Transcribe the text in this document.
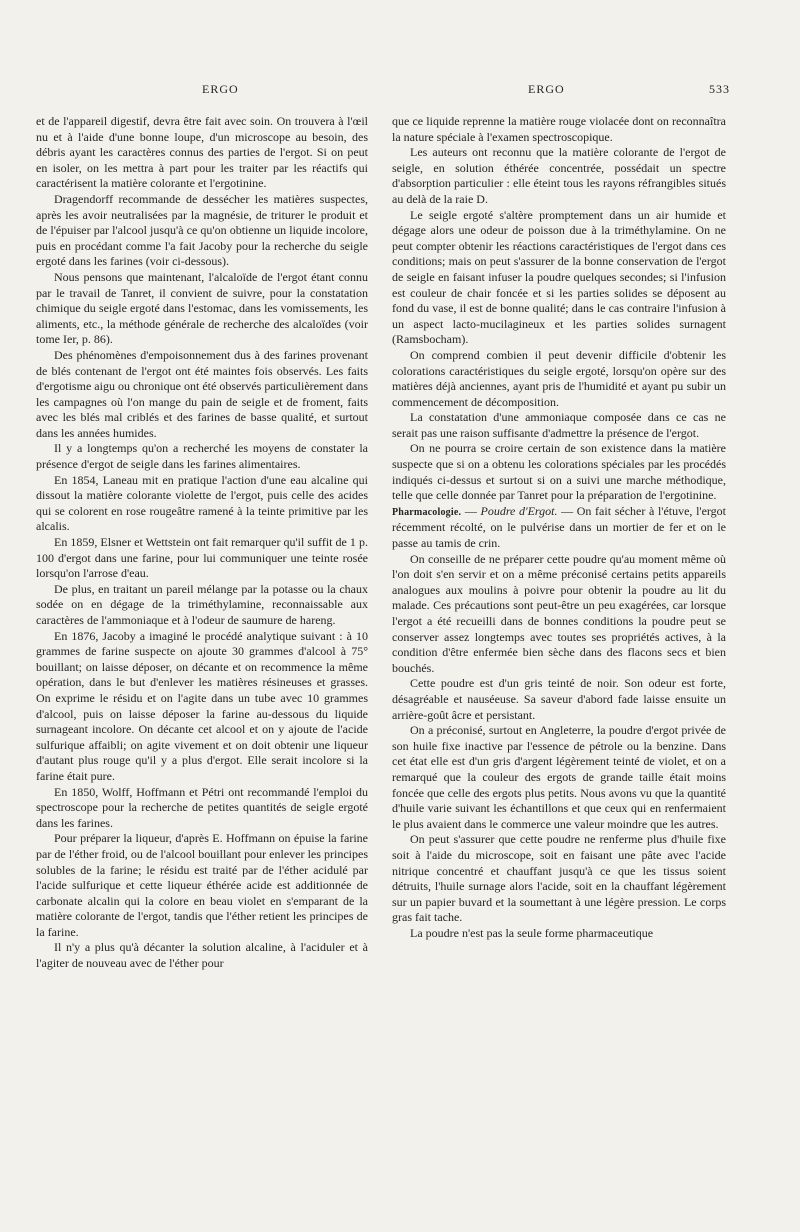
ERGO	ERGO	533

et de l'appareil digestif, devra être fait avec soin. On trouvera à l'œil nu et à l'aide d'une bonne loupe, d'un microscope au besoin, des débris ayant les caractères connus des parties de l'ergot. Si on peut en isoler, on les mettra à part pour les traiter par les réactifs qui caractérisent la matière colorante et l'ergotinine.

Dragendorff recommande de dessécher les matières suspectes, après les avoir neutralisées par la magnésie, de triturer le produit et de l'épuiser par l'alcool jusqu'à ce qu'on obtienne un liquide incolore, puis en procédant comme l'a fait Jacoby pour la recherche du seigle ergoté dans les farines (voir ci-dessous).

Nous pensons que maintenant, l'alcaloïde de l'ergot étant connu par le travail de Tanret, il convient de suivre, pour la constatation chimique du seigle ergoté dans l'estomac, dans les vomissements, les aliments, etc., la méthode générale de recherche des alcaloïdes (voir tome Ier, p. 86).

Des phénomènes d'empoisonnement dus à des farines provenant de blés contenant de l'ergot ont été maintes fois observés. Les faits d'ergotisme aigu ou chronique ont été observés particulièrement dans les campagnes où l'on mange du pain de seigle et de froment, faits avec les blés mal criblés et des farines de basse qualité, et surtout dans les années humides.

Il y a longtemps qu'on a recherché les moyens de constater la présence d'ergot de seigle dans les farines alimentaires.

En 1854, Laneau mit en pratique l'action d'une eau alcaline qui dissout la matière colorante violette de l'ergot, puis celle des acides qui se colorent en rose rougeâtre ramené à la teinte primitive par les alcalis.

En 1859, Elsner et Wettstein ont fait remarquer qu'il suffit de 1 p. 100 d'ergot dans une farine, pour lui communiquer une teinte rosée lorsqu'on l'arrose d'eau.

De plus, en traitant un pareil mélange par la potasse ou la chaux sodée on en dégage de la triméthylamine, reconnaissable aux caractères de l'ammoniaque et à l'odeur de saumure de hareng.

En 1876, Jacoby a imaginé le procédé analytique suivant : à 10 grammes de farine suspecte on ajoute 30 grammes d'alcool à 75° bouillant; on laisse déposer, on décante et on recommence la même opération, dans le but d'enlever les matières résineuses et grasses. On exprime le résidu et on l'agite dans un tube avec 10 grammes d'alcool, puis on laisse déposer la farine au-dessous du liquide surnageant incolore. On décante cet alcool et on y ajoute de l'acide sulfurique affaibli; on agite vivement et on doit obtenir une liqueur d'autant plus rouge qu'il y a plus d'ergot. Elle serait incolore si la farine était pure.

En 1850, Wolff, Hoffmann et Pétri ont recommandé l'emploi du spectroscope pour la recherche de petites quantités de seigle ergoté dans les farines.

Pour préparer la liqueur, d'après E. Hoffmann on épuise la farine par de l'éther froid, ou de l'alcool bouillant pour enlever les principes solubles de la farine; le résidu est traité par de l'éther acidulé par l'acide sulfurique et cette liqueur éthérée acide est additionnée de carbonate alcalin qui la colore en beau violet en s'emparant de la matière colorante de l'ergot, tandis que l'éther retient les principes de la farine.

Il n'y a plus qu'à décanter la solution alcaline, à l'aciduler et à l'agiter de nouveau avec de l'éther pour

que ce liquide reprenne la matière rouge violacée dont on reconnaîtra la nature spéciale à l'examen spectroscopique.

Les auteurs ont reconnu que la matière colorante de l'ergot de seigle, en solution éthérée concentrée, possédait un spectre d'absorption particulier : elle éteint tous les rayons réfrangibles situés au delà de la raie D.

Le seigle ergoté s'altère promptement dans un air humide et dégage alors une odeur de poisson due à la triméthylamine. On ne peut compter obtenir les réactions caractéristiques de l'ergot dans ces conditions; mais on peut s'assurer de la bonne conservation de l'ergot de seigle en faisant infuser la poudre quelques secondes; si l'infusion est couleur de chair foncée et si les parties solides se déposent au fond du vase, il est de bonne qualité; dans le cas contraire l'infusion à un aspect lacto-mucilagineux et les parties solides surnagent (Ramsbocham).

On comprend combien il peut devenir difficile d'obtenir les colorations caractéristiques du seigle ergoté, lorsqu'on opère sur des matières déjà anciennes, ayant pris de l'humidité et ayant pu subir un commencement de décomposition.

La constatation d'une ammoniaque composée dans ce cas ne serait pas une raison suffisante d'admettre la présence de l'ergot.

On ne pourra se croire certain de son existence dans la matière suspecte que si on a obtenu les colorations spéciales par les procédés indiqués ci-dessus et surtout si on a suivi une marche méthodique, telle que celle donnée par Tanret pour la préparation de l'ergotinine.

Pharmacologie. — Poudre d'Ergot. — On fait sécher à l'étuve, l'ergot récemment récolté, on le pulvérise dans un mortier de fer et on le passe au tamis de crin.

On conseille de ne préparer cette poudre qu'au moment même où l'on doit s'en servir et on a même préconisé certains petits appareils analogues aux moulins à poivre pour obtenir la poudre au lit du malade. Ces précautions sont peut-être un peu exagérées, car lorsque l'ergot a été recueilli dans de bonnes conditions la poudre peut se conserver assez longtemps avec toutes ses propriétés actives, à la condition d'être enfermée bien sèche dans des flacons secs et bien bouchés.

Cette poudre est d'un gris teinté de noir. Son odeur est forte, désagréable et nauséeuse. Sa saveur d'abord fade laisse ensuite un arrière-goût âcre et persistant.

On a préconisé, surtout en Angleterre, la poudre d'ergot privée de son huile fixe inactive par l'essence de pétrole ou la benzine. Dans cet état elle est d'un gris d'argent légèrement teinté de violet, et on a remarqué que la couleur des ergots de grande taille était moins foncée que celle des ergots plus petits. Nous avons vu que la quantité d'huile varie suivant les échantillons et que ceux qui en renfermaient le plus avaient dans le commerce une valeur moindre que les autres.

On peut s'assurer que cette poudre ne renferme plus d'huile fixe soit à l'aide du microscope, soit en faisant une pâte avec l'acide nitrique concentré et chauffant jusqu'à ce que les tissus soient détruits, l'huile surnage alors l'acide, soit en la chauffant légèrement sur un papier buvard et la soumettant à une légère pression. Le corps gras fait tache.

La poudre n'est pas la seule forme pharmaceutique
